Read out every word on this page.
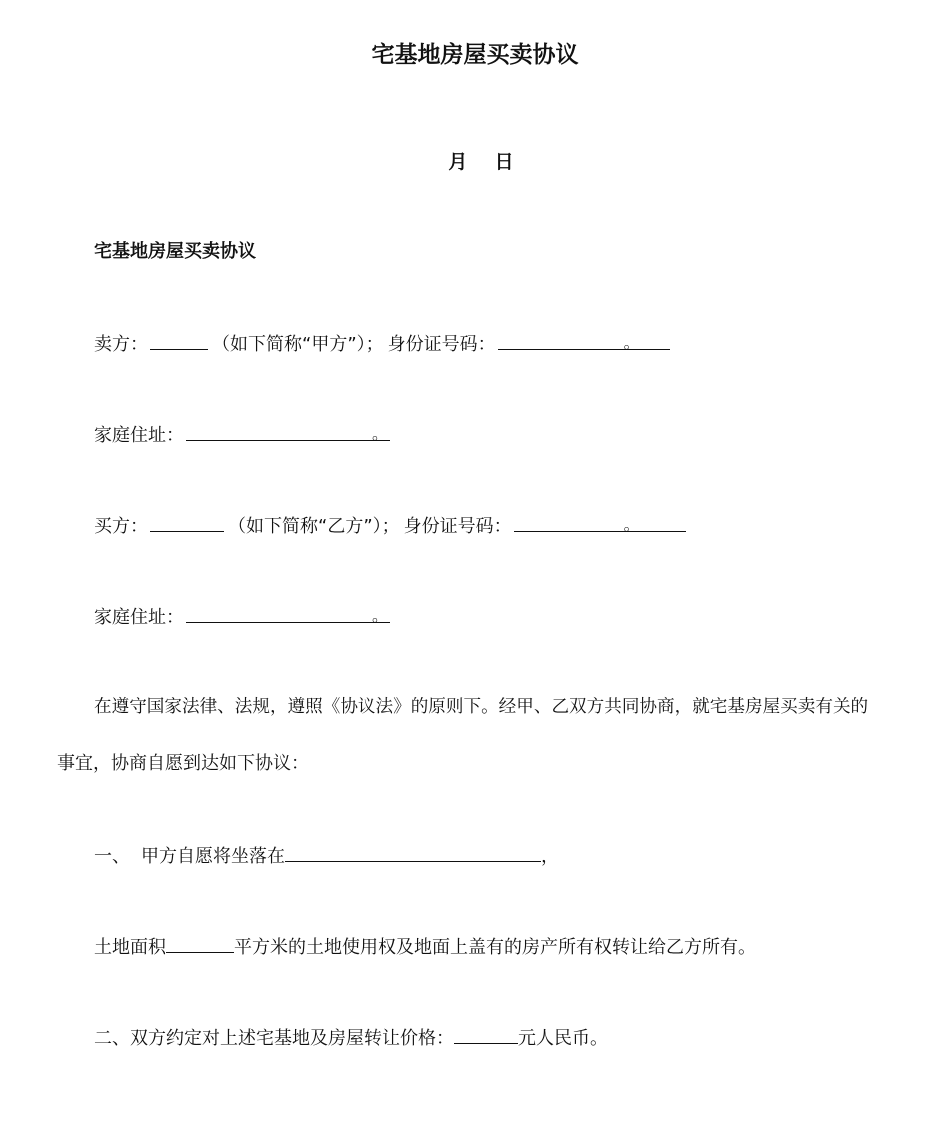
宅基地房屋买卖协议
月 日
宅基地房屋买卖协议
卖方：	（如下简称“甲方”）； 身份证号码：	。
家庭住址：	。
买方：	（如下简称“乙方”）； 身份证号码：	。
家庭住址：	。
在遵守国家法律、法规，遵照《协议法》的原则下。经甲、乙双方共同协商，就宅基房屋买卖有关的
事宜，协商自愿到达如下协议：
一、 甲方自愿将坐落在	，
土地面积	平方米的土地使用权及地面上盖有的房产所有权转让给乙方所有。
二、双方约定对上述宅基地及房屋转让价格：	元人民币。
